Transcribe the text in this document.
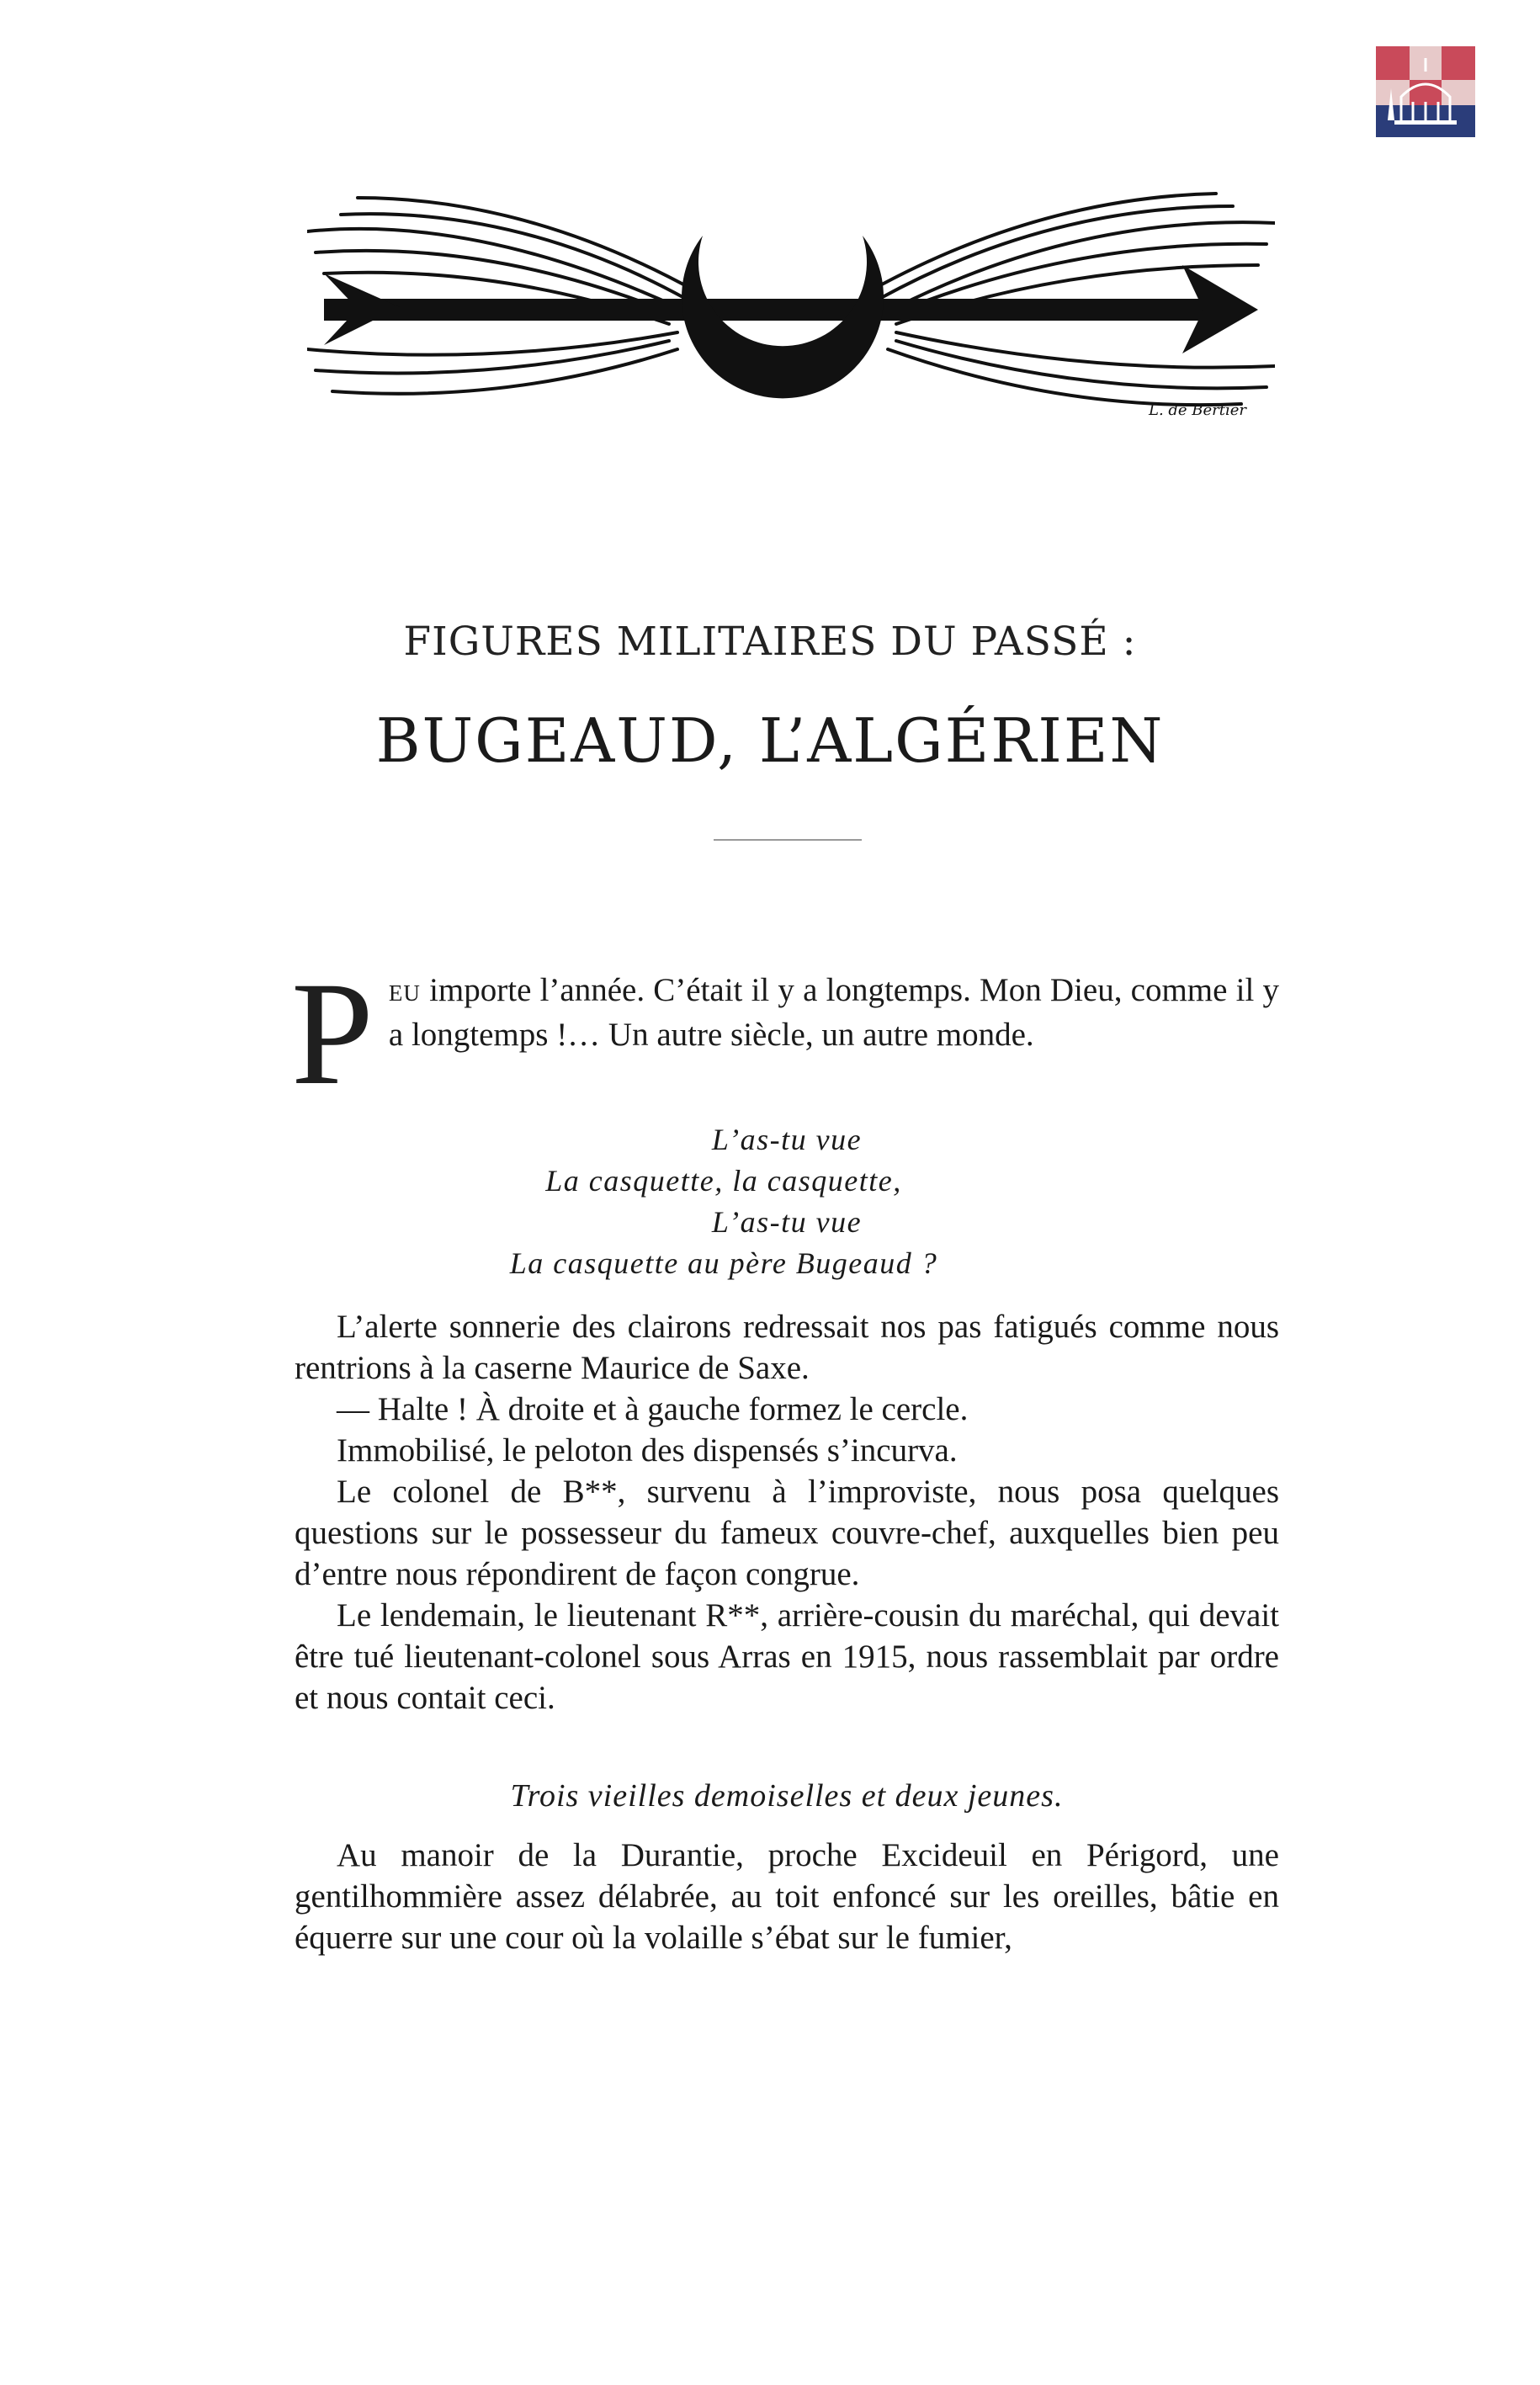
L. de Bertier
FIGURES MILITAIRES DU PASSÉ :
BUGEAUD, L’ALGÉRIEN

PEU importe l’année. C’était il y a longtemps. Mon Dieu, comme il y a longtemps !… Un autre siècle, un autre monde.

L’as-tu vue
La casquette, la casquette,
L’as-tu vue
La casquette au père Bugeaud ?

L’alerte sonnerie des clairons redressait nos pas fatigués comme nous rentrions à la caserne Maurice de Saxe.

— Halte ! À droite et à gauche formez le cercle.

Immobilisé, le peloton des dispensés s’incurva.

Le colonel de B**, survenu à l’improviste, nous posa quelques questions sur le possesseur du fameux couvre-chef, auxquelles bien peu d’entre nous répondirent de façon congrue.

Le lendemain, le lieutenant R**, arrière-cousin du maréchal, qui devait être tué lieutenant-colonel sous Arras en 1915, nous rassemblait par ordre et nous contait ceci.

Trois vieilles demoiselles et deux jeunes.

Au manoir de la Durantie, proche Excideuil en Périgord, une gentilhommière assez délabrée, au toit enfoncé sur les oreilles, bâtie en équerre sur une cour où la volaille s’ébat sur le fumier,
